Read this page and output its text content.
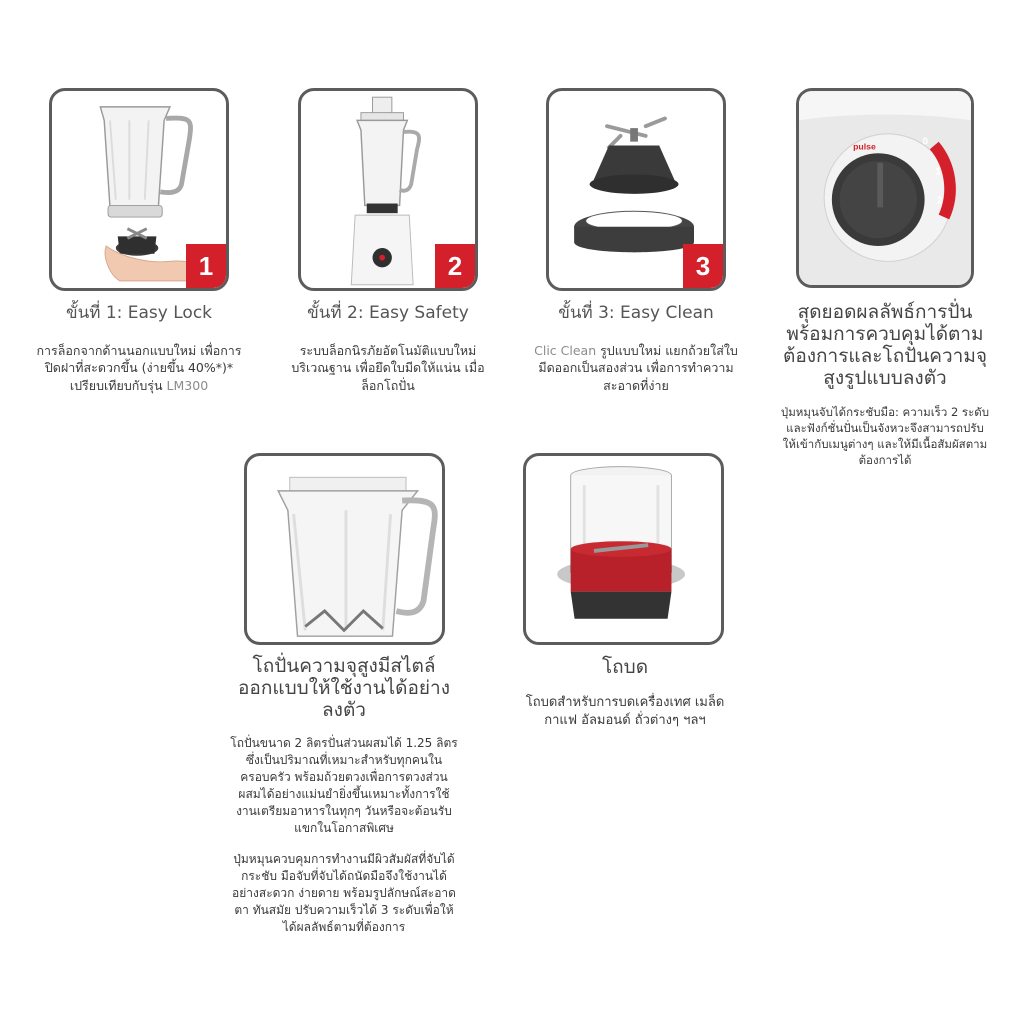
1	2	3
pulse	0
1
2
ขั้นที่ 1: Easy Lock
การล็อกจากด้านนอกแบบใหม่ เพื่อการปิดฝาที่สะดวกขึ้น (ง่ายขึ้น 40%*)* เปรียบเทียบกับรุ่น LM300
ขั้นที่ 2: Easy Safety
ระบบล็อกนิรภัยอัตโนมัติแบบใหม่บริเวณฐาน เพื่อยึดใบมีดให้แน่น เมื่อล็อกโถปั่น
ขั้นที่ 3: Easy Clean
Clic Clean รูปแบบใหม่ แยกถ้วยใส่ใบมีดออกเป็นสองส่วน เพื่อการทำความสะอาดที่ง่าย
สุดยอดผลลัพธ์การปั่น พร้อมการควบคุมได้ตามต้องการและโถปั่นความจุสูงรูปแบบลงตัว
ปุ่มหมุนจับได้กระชับมือ: ความเร็ว 2 ระดับและฟังก์ชั่นปั่นเป็นจังหวะจึงสามารถปรับให้เข้ากับเมนูต่างๆ และให้มีเนื้อสัมผัสตามต้องการได้
โถปั่นความจุสูงมีสไตล์ ออกแบบให้ใช้งานได้อย่างลงตัว
โถปั่นขนาด 2 ลิตรปั่นส่วนผสมได้ 1.25 ลิตร ซึ่งเป็นปริมาณที่เหมาะสำหรับทุกคนในครอบครัว พร้อมถ้วยตวงเพื่อการตวงส่วนผสมได้อย่างแม่นยำยิ่งขึ้นเหมาะทั้งการใช้งานเตรียมอาหารในทุกๆ วันหรือจะต้อนรับแขกในโอกาสพิเศษ
ปุ่มหมุนควบคุมการทำงานมีผิวสัมผัสที่จับได้กระชับ มือจับที่จับได้ถนัดมือจึงใช้งานได้อย่างสะดวก ง่ายดาย พร้อมรูปลักษณ์สะอาดตา ทันสมัย ปรับความเร็วได้ 3 ระดับเพื่อให้ได้ผลลัพธ์ตามที่ต้องการ
โถบด
โถบดสำหรับการบดเครื่องเทศ เมล็ดกาแฟ อัลมอนด์ ถั่วต่างๆ ฯลฯ
